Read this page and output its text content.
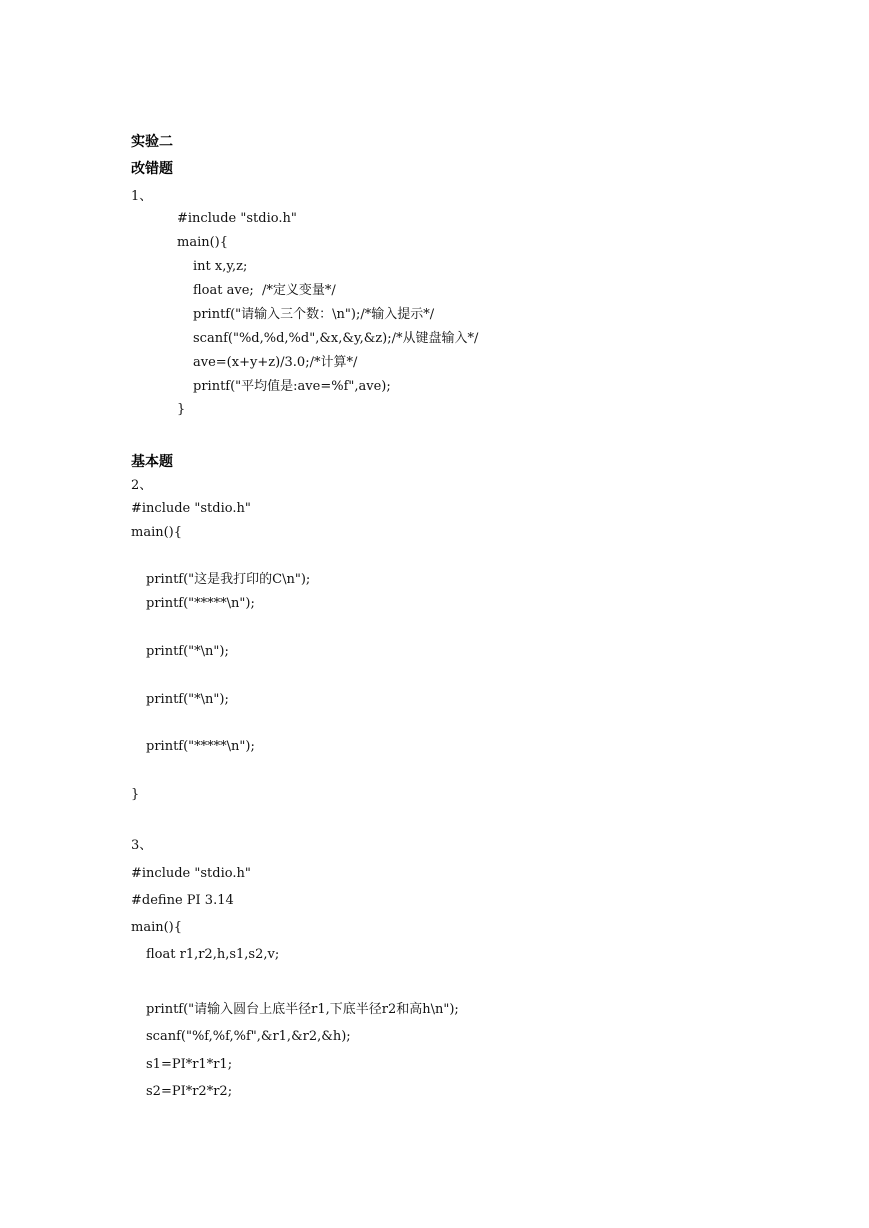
实验二
改错题
1、
#include "stdio.h"
main(){
int x,y,z;
float ave;  /*定义变量*/
printf("请输入三个数：\n");/*输入提示*/
scanf("%d,%d,%d",&x,&y,&z);/*从键盘输入*/
ave=(x+y+z)/3.0;/*计算*/
printf("平均值是:ave=%f",ave);
}
基本题
2、
#include "stdio.h"
main(){
printf("这是我打印的C\n");
printf("*****\n");
printf("*\n");
printf("*\n");
printf("*****\n");
}
3、
#include "stdio.h"
#define PI 3.14
main(){
float r1,r2,h,s1,s2,v;
printf("请输入圆台上底半径r1,下底半径r2和高h\n");
scanf("%f,%f,%f",&r1,&r2,&h);
s1=PI*r1*r1;
s2=PI*r2*r2;
